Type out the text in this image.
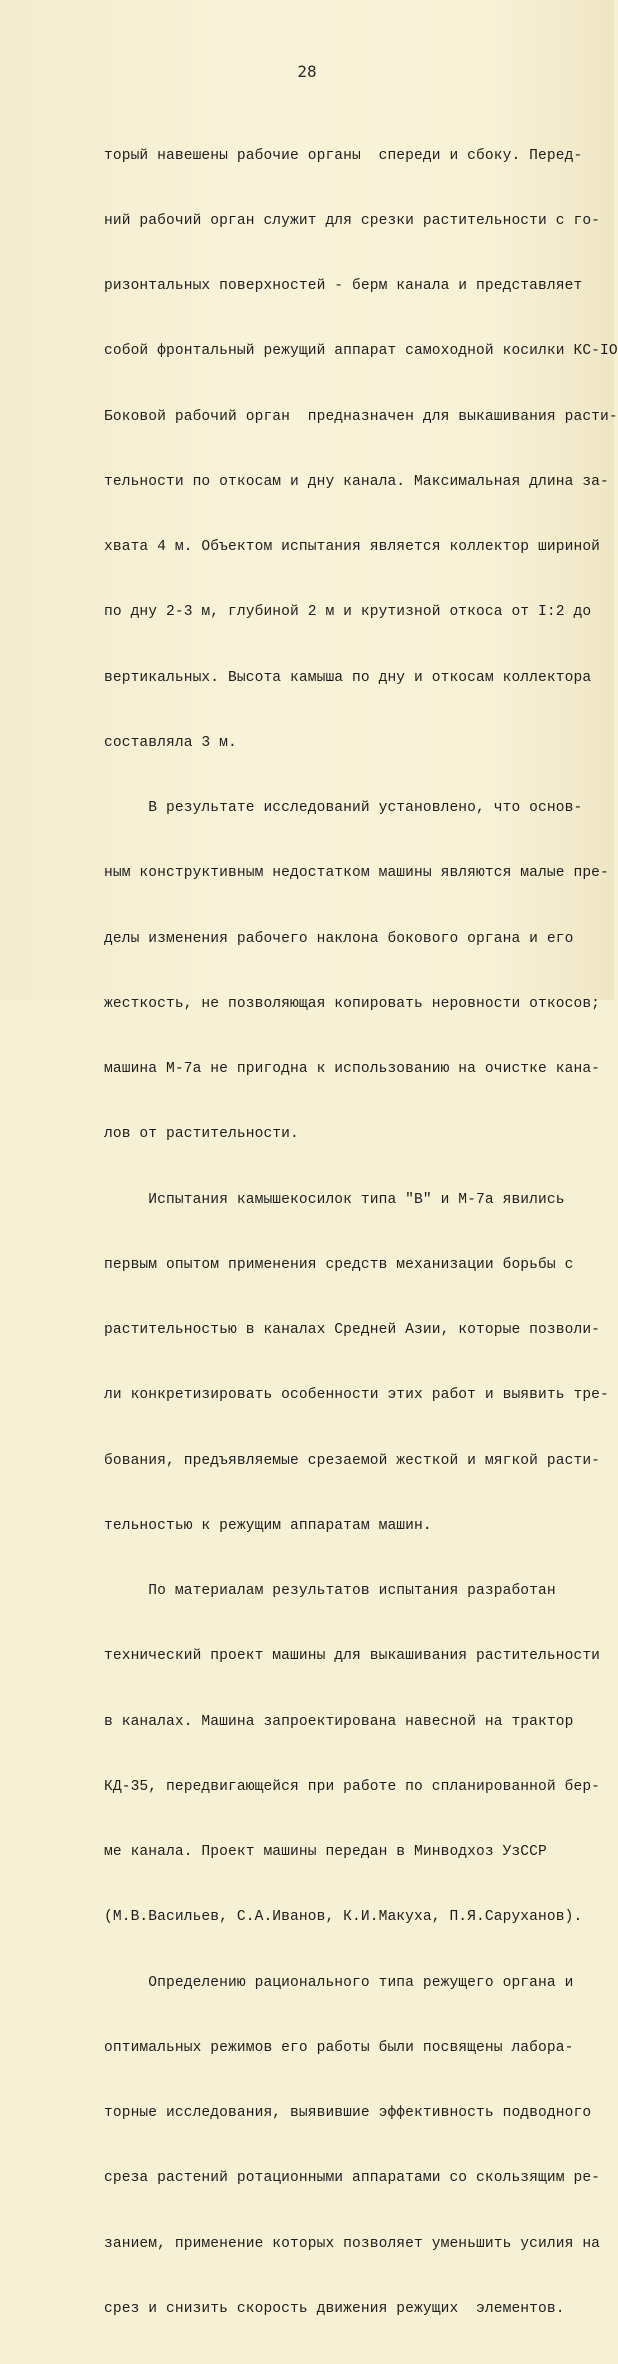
28

торый навешены рабочие органы  спереди и сбоку. Перед-

ний рабочий орган служит для срезки растительности с го-

ризонтальных поверхностей - берм канала и представляет

собой фронтальный режущий аппарат самоходной косилки КС-IO

Боковой рабочий орган  предназначен для выкашивания расти-

тельности по откосам и дну канала. Максимальная длина за-

хвата 4 м. Объектом испытания является коллектор шириной

по дну 2-3 м, глубиной 2 м и крутизной откоса от I:2 до

вертикальных. Высота камыша по дну и откосам коллектора

составляла 3 м.

В результате исследований установлено, что основ-

ным конструктивным недостатком машины являются малые пре-

делы изменения рабочего наклона бокового органа и его

жесткость, не позволяющая копировать неровности откосов;

машина М-7а не пригодна к использованию на очистке кана-

лов от растительности.

Испытания камышекосилок типа "В" и М-7а явились

первым опытом применения средств механизации борьбы с

растительностью в каналах Средней Азии, которые позволи-

ли конкретизировать особенности этих работ и выявить тре-

бования, предъявляемые срезаемой жесткой и мягкой расти-

тельностью к режущим аппаратам машин.

По материалам результатов испытания разработан

технический проект машины для выкашивания растительности

в каналах. Машина запроектирована навесной на трактор

КД-35, передвигающейся при работе по спланированной бер-

ме канала. Проект машины передан в Минводхоз УзССР

(М.В.Васильев, С.А.Иванов, К.И.Макуха, П.Я.Саруханов).

Определению рационального типа режущего органа и

оптимальных режимов его работы были посвящены лабора-

торные исследования, выявившие эффективность подводного

среза растений ротационными аппаратами со скользящим ре-

занием, применение которых позволяет уменьшить усилия на

срез и снизить скорость движения режущих  элементов.
